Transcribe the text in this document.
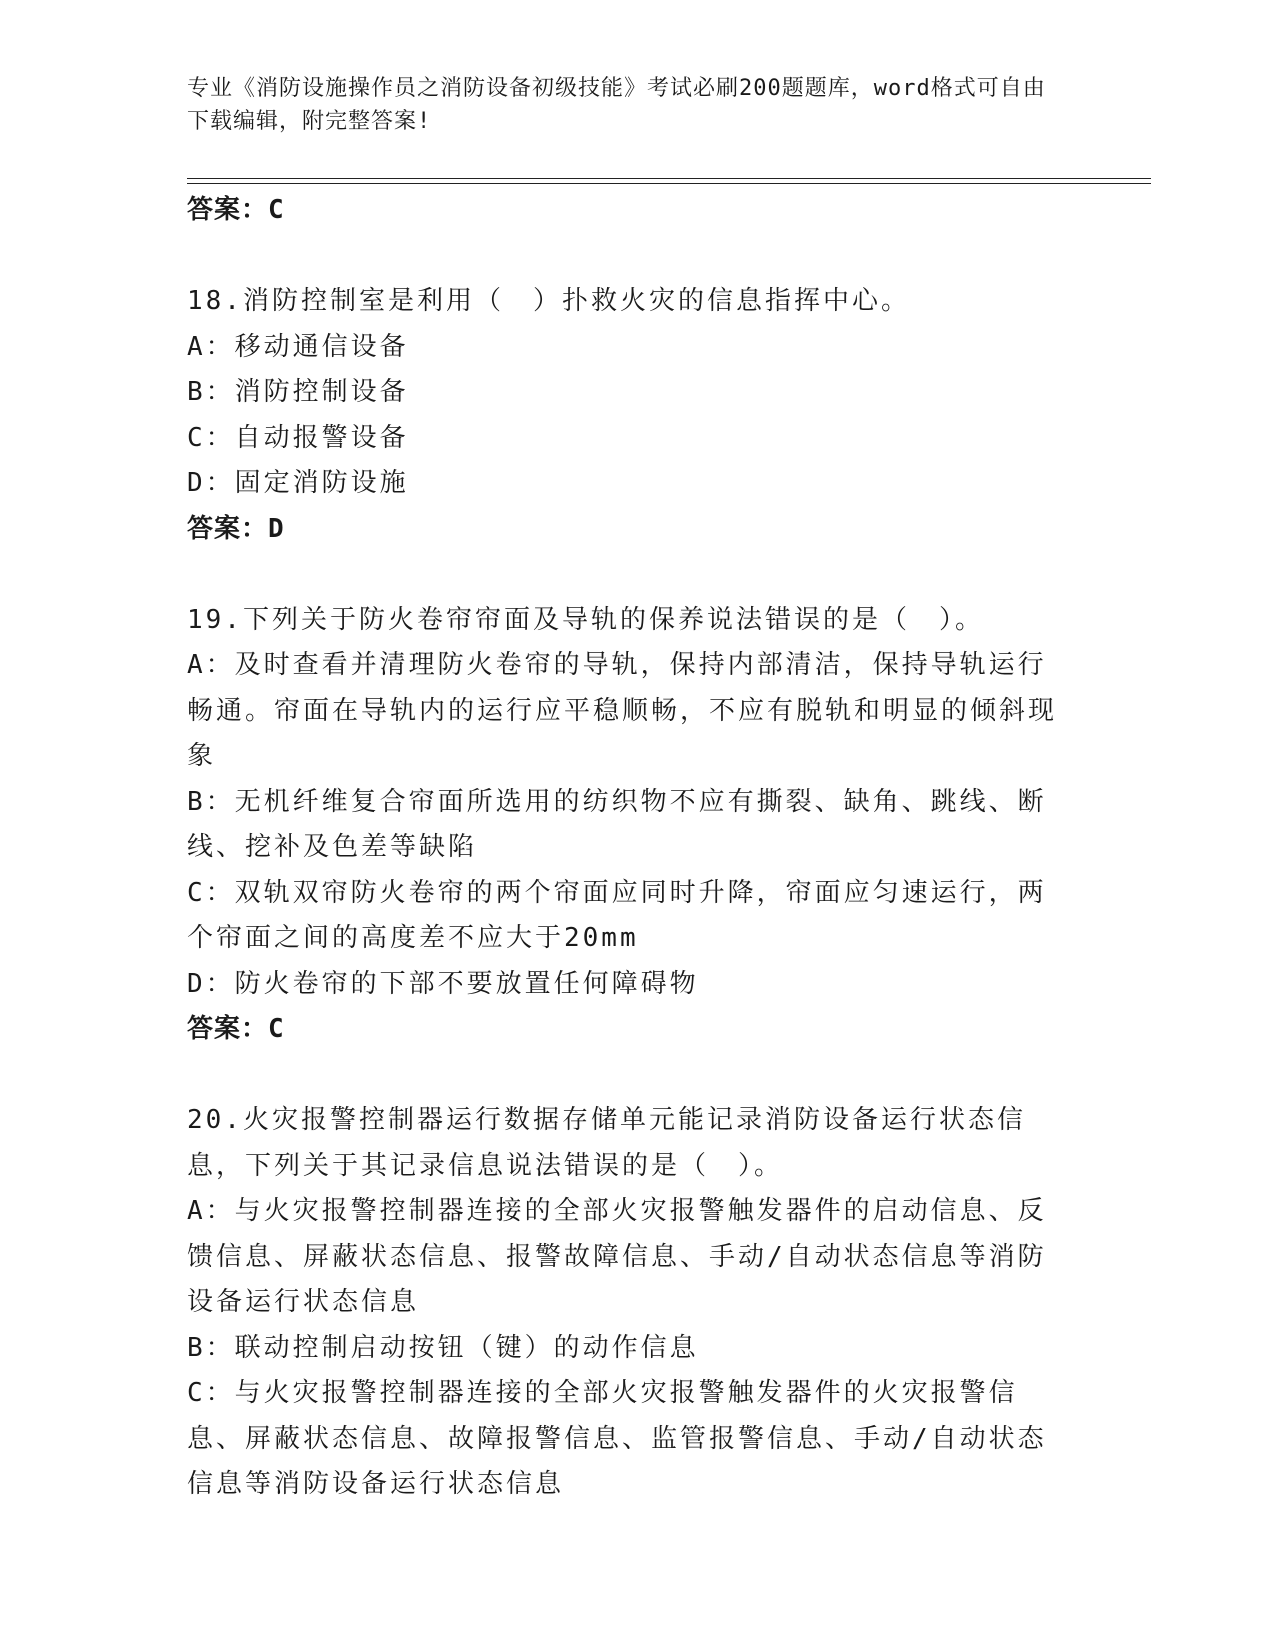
专业《消防设施操作员之消防设备初级技能》考试必刷200题题库，word格式可自由下载编辑，附完整答案!
答案：C
18.消防控制室是利用（　）扑救火灾的信息指挥中心。
A：移动通信设备
B：消防控制设备
C：自动报警设备
D：固定消防设施
答案：D
19.下列关于防火卷帘帘面及导轨的保养说法错误的是（　）。
A：及时查看并清理防火卷帘的导轨，保持内部清洁，保持导轨运行畅通。帘面在导轨内的运行应平稳顺畅，不应有脱轨和明显的倾斜现象
B：无机纤维复合帘面所选用的纺织物不应有撕裂、缺角、跳线、断线、挖补及色差等缺陷
C：双轨双帘防火卷帘的两个帘面应同时升降，帘面应匀速运行，两个帘面之间的高度差不应大于20mm
D：防火卷帘的下部不要放置任何障碍物
答案：C
20.火灾报警控制器运行数据存储单元能记录消防设备运行状态信息，下列关于其记录信息说法错误的是（　）。
A：与火灾报警控制器连接的全部火灾报警触发器件的启动信息、反馈信息、屏蔽状态信息、报警故障信息、手动/自动状态信息等消防设备运行状态信息
B：联动控制启动按钮（键）的动作信息
C：与火灾报警控制器连接的全部火灾报警触发器件的火灾报警信息、屏蔽状态信息、故障报警信息、监管报警信息、手动/自动状态信息等消防设备运行状态信息
